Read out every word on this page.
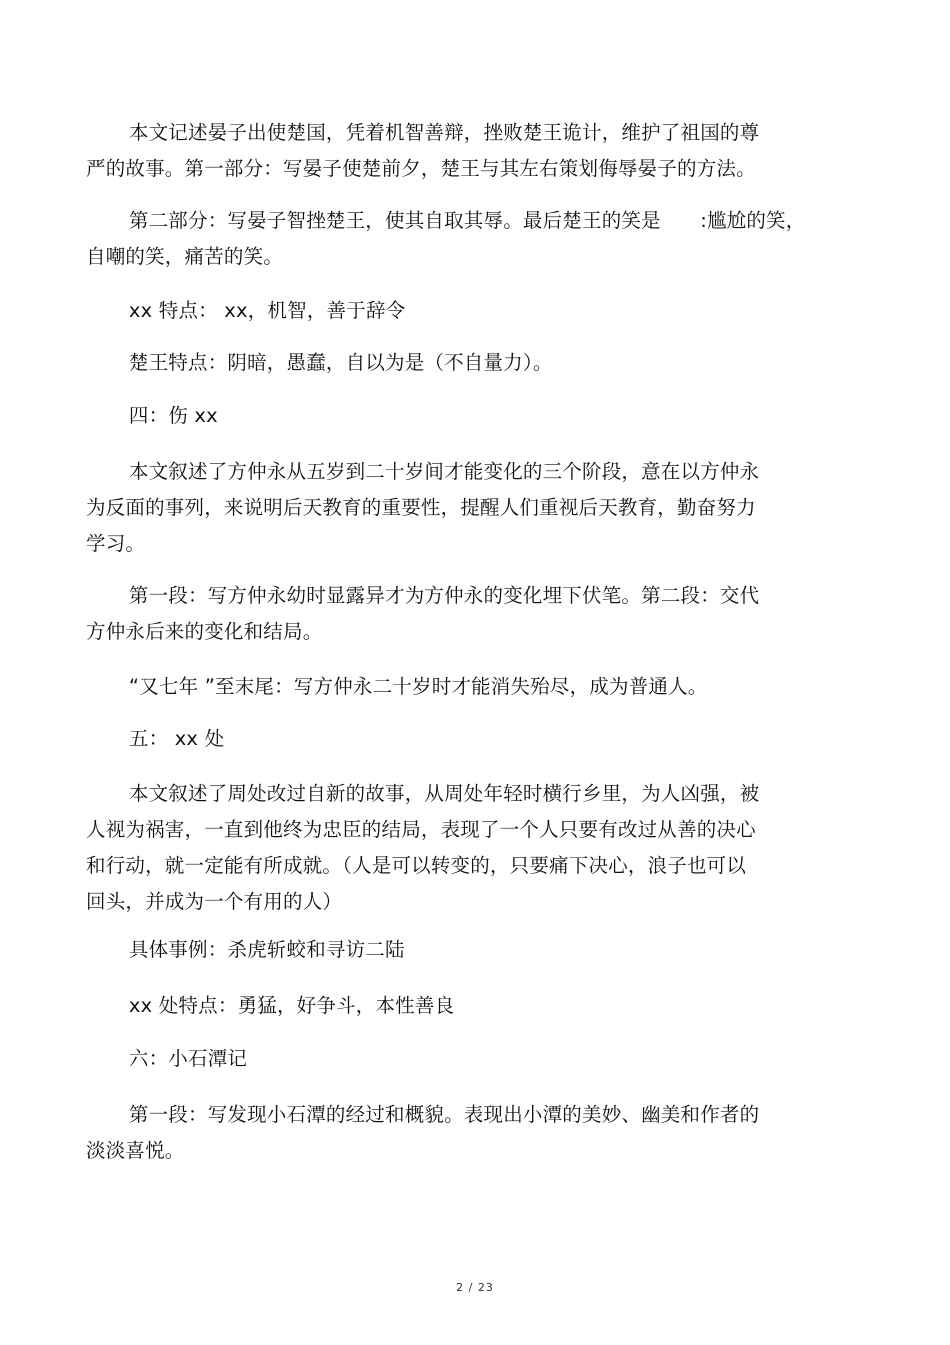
本文记述晏子出使楚国，凭着机智善辩，挫败楚王诡计，维护了祖国的尊
严的故事。第一部分：写晏子使楚前夕，楚王与其左右策划侮辱晏子的方法。

第二部分：写晏子智挫楚王，使其自取其辱。最后楚王的笑是　　:尴尬的笑，
自嘲的笑，痛苦的笑。

xx 特点： xx，机智，善于辞令

楚王特点：阴暗，愚蠢，自以为是（不自量力）。

四：伤 xx

本文叙述了方仲永从五岁到二十岁间才能变化的三个阶段，意在以方仲永
为反面的事列，来说明后天教育的重要性，提醒人们重视后天教育，勤奋努力
学习。

第一段：写方仲永幼时显露异才为方仲永的变化埋下伏笔。第二段：交代
方仲永后来的变化和结局。

“又七年 ”至末尾：写方仲永二十岁时才能消失殆尽，成为普通人。

五： xx 处

本文叙述了周处改过自新的故事，从周处年轻时横行乡里，为人凶强，被
人视为祸害，一直到他终为忠臣的结局，表现了一个人只要有改过从善的决心
和行动，就一定能有所成就。（人是可以转变的，只要痛下决心，浪子也可以
回头，并成为一个有用的人）

具体事例：杀虎斩蛟和寻访二陆

xx 处特点：勇猛，好争斗，本性善良

六：小石潭记

第一段：写发现小石潭的经过和概貌。表现出小潭的美妙、幽美和作者的
淡淡喜悦。

2 / 23
